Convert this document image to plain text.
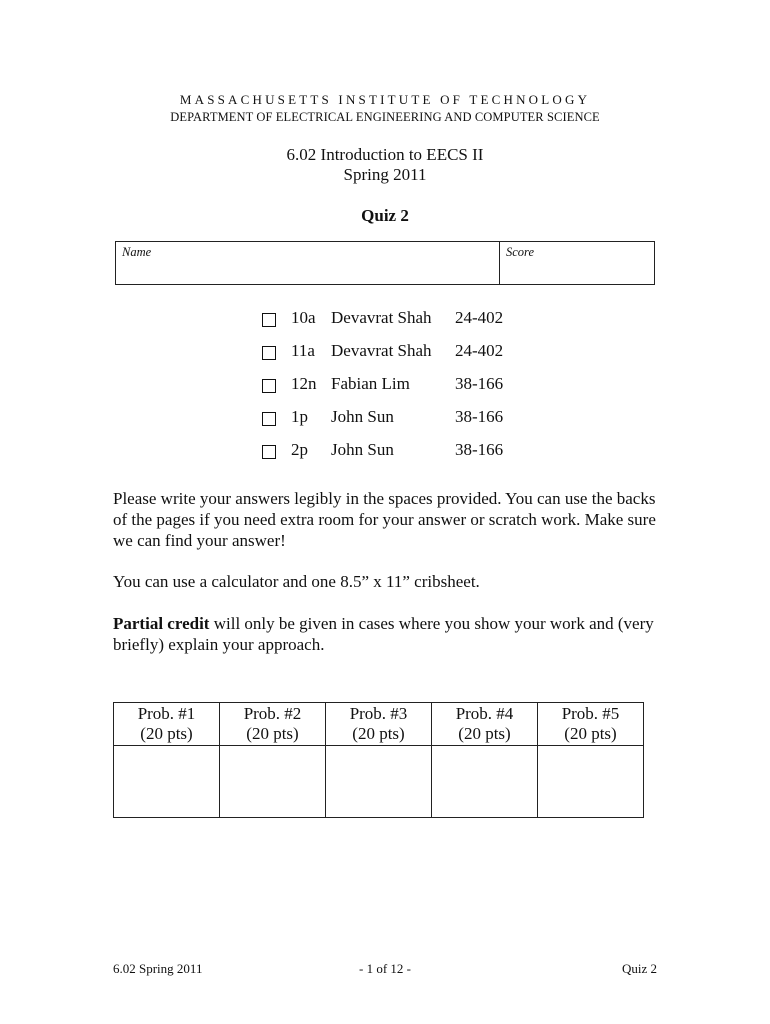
MASSACHUSETTS INSTITUTE OF TECHNOLOGY
DEPARTMENT OF ELECTRICAL ENGINEERING AND COMPUTER SCIENCE
6.02 Introduction to EECS II
Spring 2011
Quiz 2
Name	Score
10a Devavrat Shah 24-402
11a Devavrat Shah 24-402
12n Fabian Lim	38-166
1p John Sun	38-166
2p John Sun	38-166
Please write your answers legibly in the spaces provided. You can use the backs of the pages if you need extra room for your answer or scratch work. Make sure we can find your answer!
You can use a calculator and one 8.5” x 11” cribsheet.
Partial credit will only be given in cases where you show your work and (very briefly) explain your approach.
Prob. #1
(20 pts)	Prob. #2
(20 pts)	Prob. #3
(20 pts)	Prob. #4
(20 pts)	Prob. #5
(20 pts)

6.02 Spring 2011	- 1 of 12 -	Quiz 2
